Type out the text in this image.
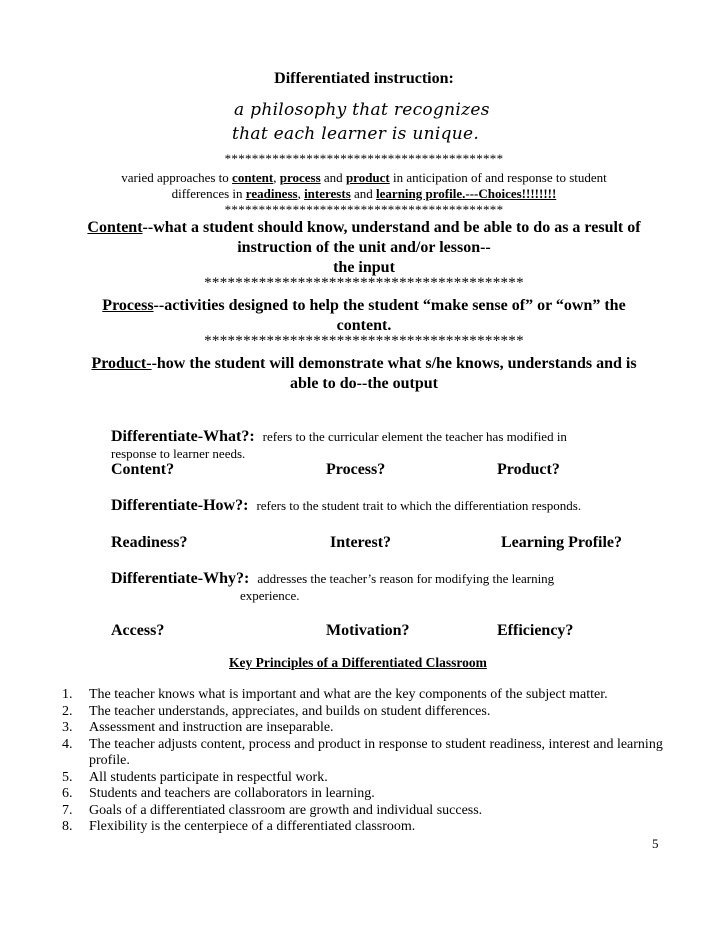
Differentiated instruction:
a philosophy that recognizes
that each learner is unique.
*****************************************
varied approaches to content, process and product in anticipation of and response to student
differences in readiness, interests and learning profile.---Choices!!!!!!!!
*****************************************
Content--what a student should know, understand and be able to do as a result of
instruction of the unit and/or lesson--
the input
*****************************************
Process--activities designed to help the student “make sense of” or “own” the
content.
*****************************************
Product--how the student will demonstrate what s/he knows, understands and is
able to do--the output
Differentiate-What?: refers to the curricular element the teacher has modified in
response to learner needs.
Content?	Process?	Product?
Differentiate-How?: refers to the student trait to which the differentiation responds.
Readiness?	Interest?	Learning Profile?
Differentiate-Why?: addresses the teacher’s reason for modifying the learning
experience.
Access?	Motivation?	Efficiency?
Key Principles of a Differentiated Classroom
1. The teacher knows what is important and what are the key components of the subject matter.
2. The teacher understands, appreciates, and builds on student differences.
3. Assessment and instruction are inseparable.
4. The teacher adjusts content, process and product in response to student readiness, interest and learning profile.
5. All students participate in respectful work.
6. Students and teachers are collaborators in learning.
7. Goals of a differentiated classroom are growth and individual success.
8. Flexibility is the centerpiece of a differentiated classroom.
5
